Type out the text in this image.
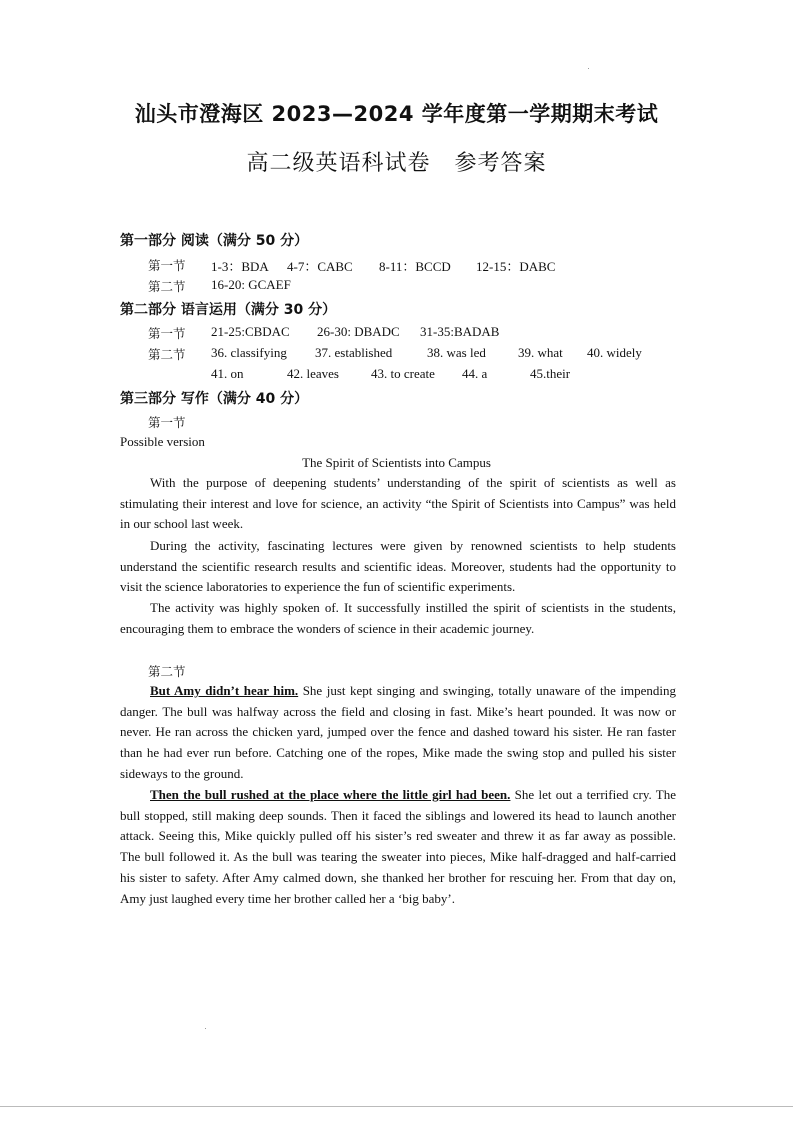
汕头市澄海区 2023—2024 学年度第一学期期末考试
高二级英语科试卷 参考答案
第一部分 阅读（满分 50 分）
第一节 1-3：BDA 4-7：CABC 8-11：BCCD 12-15：DABC
第二节 16-20: GCAEF
第二部分 语言运用（满分 30 分）
第一节 21-25:CBDAC 26-30: DBADC 31-35:BADAB
第二节 36. classifying 37. established	38. was led 39. what 40. widely
41. on	42. leaves 43. to create 44. a	45.their
第三部分 写作（满分 40 分）
第一节
Possible version
The Spirit of Scientists into Campus

With the purpose of deepening students’ understanding of the spirit of scientists as well as stimulating their interest and love for science, an activity “the Spirit of Scientists into Campus” was held in our school last week.

During the activity, fascinating lectures were given by renowned scientists to help students understand the scientific research results and scientific ideas. Moreover, students had the opportunity to visit the science laboratories to experience the fun of scientific experiments.

The activity was highly spoken of. It successfully instilled the spirit of scientists in the students, encouraging them to embrace the wonders of science in their academic journey.

第二节

But Amy didn’t hear him. She just kept singing and swinging, totally unaware of the impending danger. The bull was halfway across the field and closing in fast. Mike’s heart pounded. It was now or never. He ran across the chicken yard, jumped over the fence and dashed toward his sister. He ran faster than he had ever run before. Catching one of the ropes, Mike made the swing stop and pulled his sister sideways to the ground.

Then the bull rushed at the place where the little girl had been. She let out a terrified cry. The bull stopped, still making deep sounds. Then it faced the siblings and lowered its head to launch another attack. Seeing this, Mike quickly pulled off his sister’s red sweater and threw it as far away as possible. The bull followed it. As the bull was tearing the sweater into pieces, Mike half-dragged and half-carried his sister to safety. After Amy calmed down, she thanked her brother for rescuing her. From that day on, Amy just laughed every time her brother called her a ‘big baby’.
